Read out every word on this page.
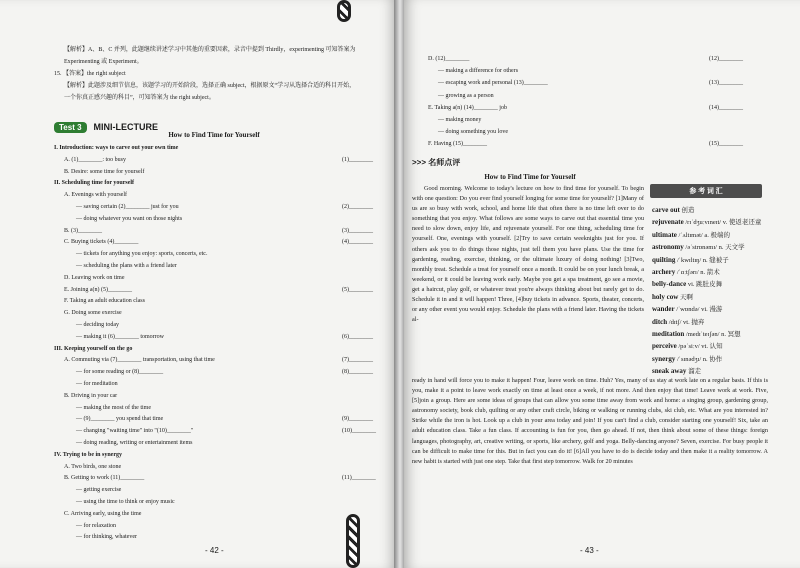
【解析】A、B、C 并列，此题继续讲述学习中其他的重要因素，录音中提到 Thirdly，experimenting 可知答案为
Experimenting 或 Experiment。
15. 【答案】the right subject
【解析】此题涉及细节信息，该题学习的开始阶段，选择正确 subject，根据原文“学习从选择合适的科目开始，
一个你真正感兴趣的科目”，可知答案为 the right subject。
Test 3 MINI-LECTURE
How to Find Time for Yourself
I. Introduction: ways to carve out your own time
A. (1)________: too busy	(1)________
B. Desire: some time for yourself
II. Scheduling time for yourself
A. Evenings with yourself
— saving certain (2)________ just for you	(2)________
— doing whatever you want on those nights
B. (3)________	(3)________
C. Buying tickets (4)________	(4)________
— tickets for anything you enjoy: sports, concerts, etc.
— scheduling the plans with a friend later
D. Leaving work on time
E. Joining a(n) (5)________	(5)________
F. Taking an adult education class
G. Doing some exercise
— deciding today
— making it (6)________ tomorrow	(6)________
III. Keeping yourself on the go
A. Commuting via (7)________ transportation, using that time	(7)________
— for some reading or (8)________	(8)________
— for meditation
B. Driving in your car
— making the most of the time
— (9)________ you spend that time	(9)________
— changing "waiting time" into "(10)________"	(10)________
— doing reading, writing or entertainment items
IV. Trying to be in synergy
A. Two birds, one stone
B. Getting to work (11)________	(11)________
— getting exercise
— using the time to think or enjoy music
C. Arriving early, using the time
— for relaxation
— for thinking, whatever
- 42 -
D. (12)________	(12)________
— making a difference for others
— escaping work and personal (13)________	(13)________
— growing as a person
E. Taking a(n) (14)________ job	(14)________
— making money
— doing something you love
F. Having (15)________	(15)________
>>> 名师点评
How to Find Time for Yourself
Good morning. Welcome to today's lecture on how to find time for yourself. To begin with one question: Do you ever find yourself longing for some time for yourself? [1]Many of us are so busy with work, school, and home life that often there is no time left over to do something that you enjoy. What follows are some ways to carve out that essential time you need to slow down, enjoy life, and rejuvenate yourself. For one thing, scheduling time for yourself. One, evenings with yourself. [2]Try to save certain weeknights just for you. If others ask you to do things those nights, just tell them you have plans. Use the time for gardening, reading, exercise, thinking, or the ultimate luxury of doing nothing! [3]Two, monthly treat. Schedule a treat for yourself once a month. It could be on your lunch break, a weekend, or it could be leaving work early. Maybe you get a spa treatment, go see a movie, get a haircut, play golf, or whatever treat you're always thinking about but rarely get to do. Schedule it in and it will happen! Three, [4]buy tickets in advance. Sports, theater, concerts, or any other event you would enjoy. Schedule the plans with a friend later. Having the tickets al-
ready in hand will force you to make it happen! Four, leave work on time. Huh? Yes, many of us stay at work late on a regular basis. If this is you, make it a point to leave work exactly on time at least once a week, if not more. And then enjoy that time! Leave work at work. Five, [5]join a group. Here are some ideas of groups that can allow you some time away from work and home: a singing group, gardening group, astronomy society, book club, quilting or any other craft circle, biking or walking or running clubs, ski club, etc. What are you interested in? Strike while the iron is hot. Look up a club in your area today and join! If you can't find a club, consider starting one yourself! Six, take an adult education class. Take a fun class. If accounting is fun for you, then go ahead. If not, then think about some of these things: foreign languages, photography, art, creative writing, or sports, like archery, golf and yoga. Belly-dancing anyone? Seven, exercise. For busy people it can be difficult to make time for this. But in fact you can do it! [6]All you have to do is decide today and then make it a reality tomorrow. A new habit is started with just one step. Take that first step tomorrow. Walk for 20 minutes
参 考 词 汇
carve out 创造
rejuvenate /rɪˈdʒuːvɪneɪt/ v. 使返老还童
ultimate /ˈʌltɪmət/ a. 极端的
astronomy /əˈstrɒnəmɪ/ n. 天文学
quilting /ˈkwɪltɪŋ/ n. 缝被子
archery /ˈɑːtʃərɪ/ n. 箭术
belly-dance vi. 跳肚皮舞
holy cow 天啊
wander /ˈwɒndə/ vi. 漫游
ditch /dɪtʃ/ vt. 抛弃
meditation /medɪˈteɪʃən/ n. 冥想
perceive /pəˈsiːv/ vt. 认知
synergy /ˈsɪnədʒɪ/ n. 协作
sneak away 溜走
- 43 -
